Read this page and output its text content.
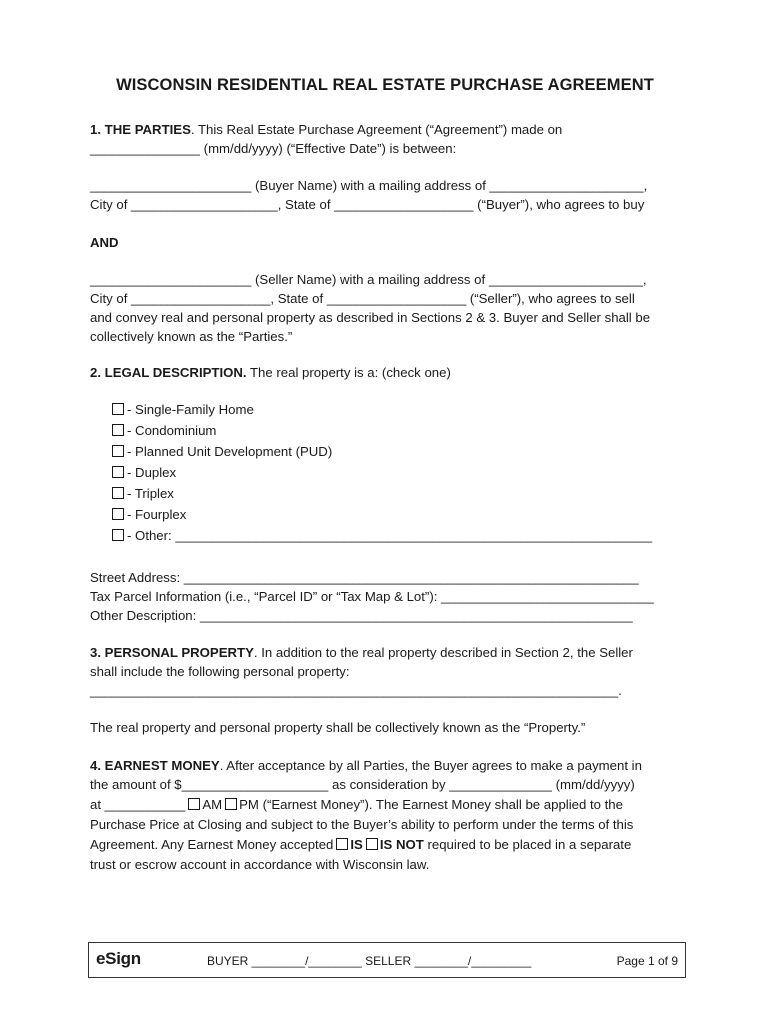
WISCONSIN RESIDENTIAL REAL ESTATE PURCHASE AGREEMENT
1. THE PARTIES. This Real Estate Purchase Agreement (“Agreement”) made on
_______________ (mm/dd/yyyy) (“Effective Date”) is between:
______________________ (Buyer Name) with a mailing address of _____________________,
City of ____________________, State of ___________________ (“Buyer”), who agrees to buy
AND
______________________ (Seller Name) with a mailing address of _____________________,
City of ___________________, State of ___________________ (“Seller”), who agrees to sell
and convey real and personal property as described in Sections 2 & 3. Buyer and Seller shall be
collectively known as the “Parties.”
2. LEGAL DESCRIPTION. The real property is a: (check one)
- Single-Family Home
- Condominium
- Planned Unit Development (PUD)
- Duplex
- Triplex
- Fourplex
- Other: _________________________________________________________________
Street Address: ______________________________________________________________
Tax Parcel Information (i.e., “Parcel ID” or “Tax Map & Lot”): _____________________________
Other Description: ___________________________________________________________
3. PERSONAL PROPERTY. In addition to the real property described in Section 2, the Seller
shall include the following personal property:
________________________________________________________________________.
The real property and personal property shall be collectively known as the “Property.”
4. EARNEST MONEY. After acceptance by all Parties, the Buyer agrees to make a payment in
the amount of $____________________ as consideration by ______________ (mm/dd/yyyy)
at ___________ AM PM (“Earnest Money”). The Earnest Money shall be applied to the
Purchase Price at Closing and subject to the Buyer’s ability to perform under the terms of this
Agreement. Any Earnest Money accepted IS IS NOT required to be placed in a separate
trust or escrow account in accordance with Wisconsin law.
eSign	BUYER ________/________ SELLER ________/_________	Page 1 of 9
